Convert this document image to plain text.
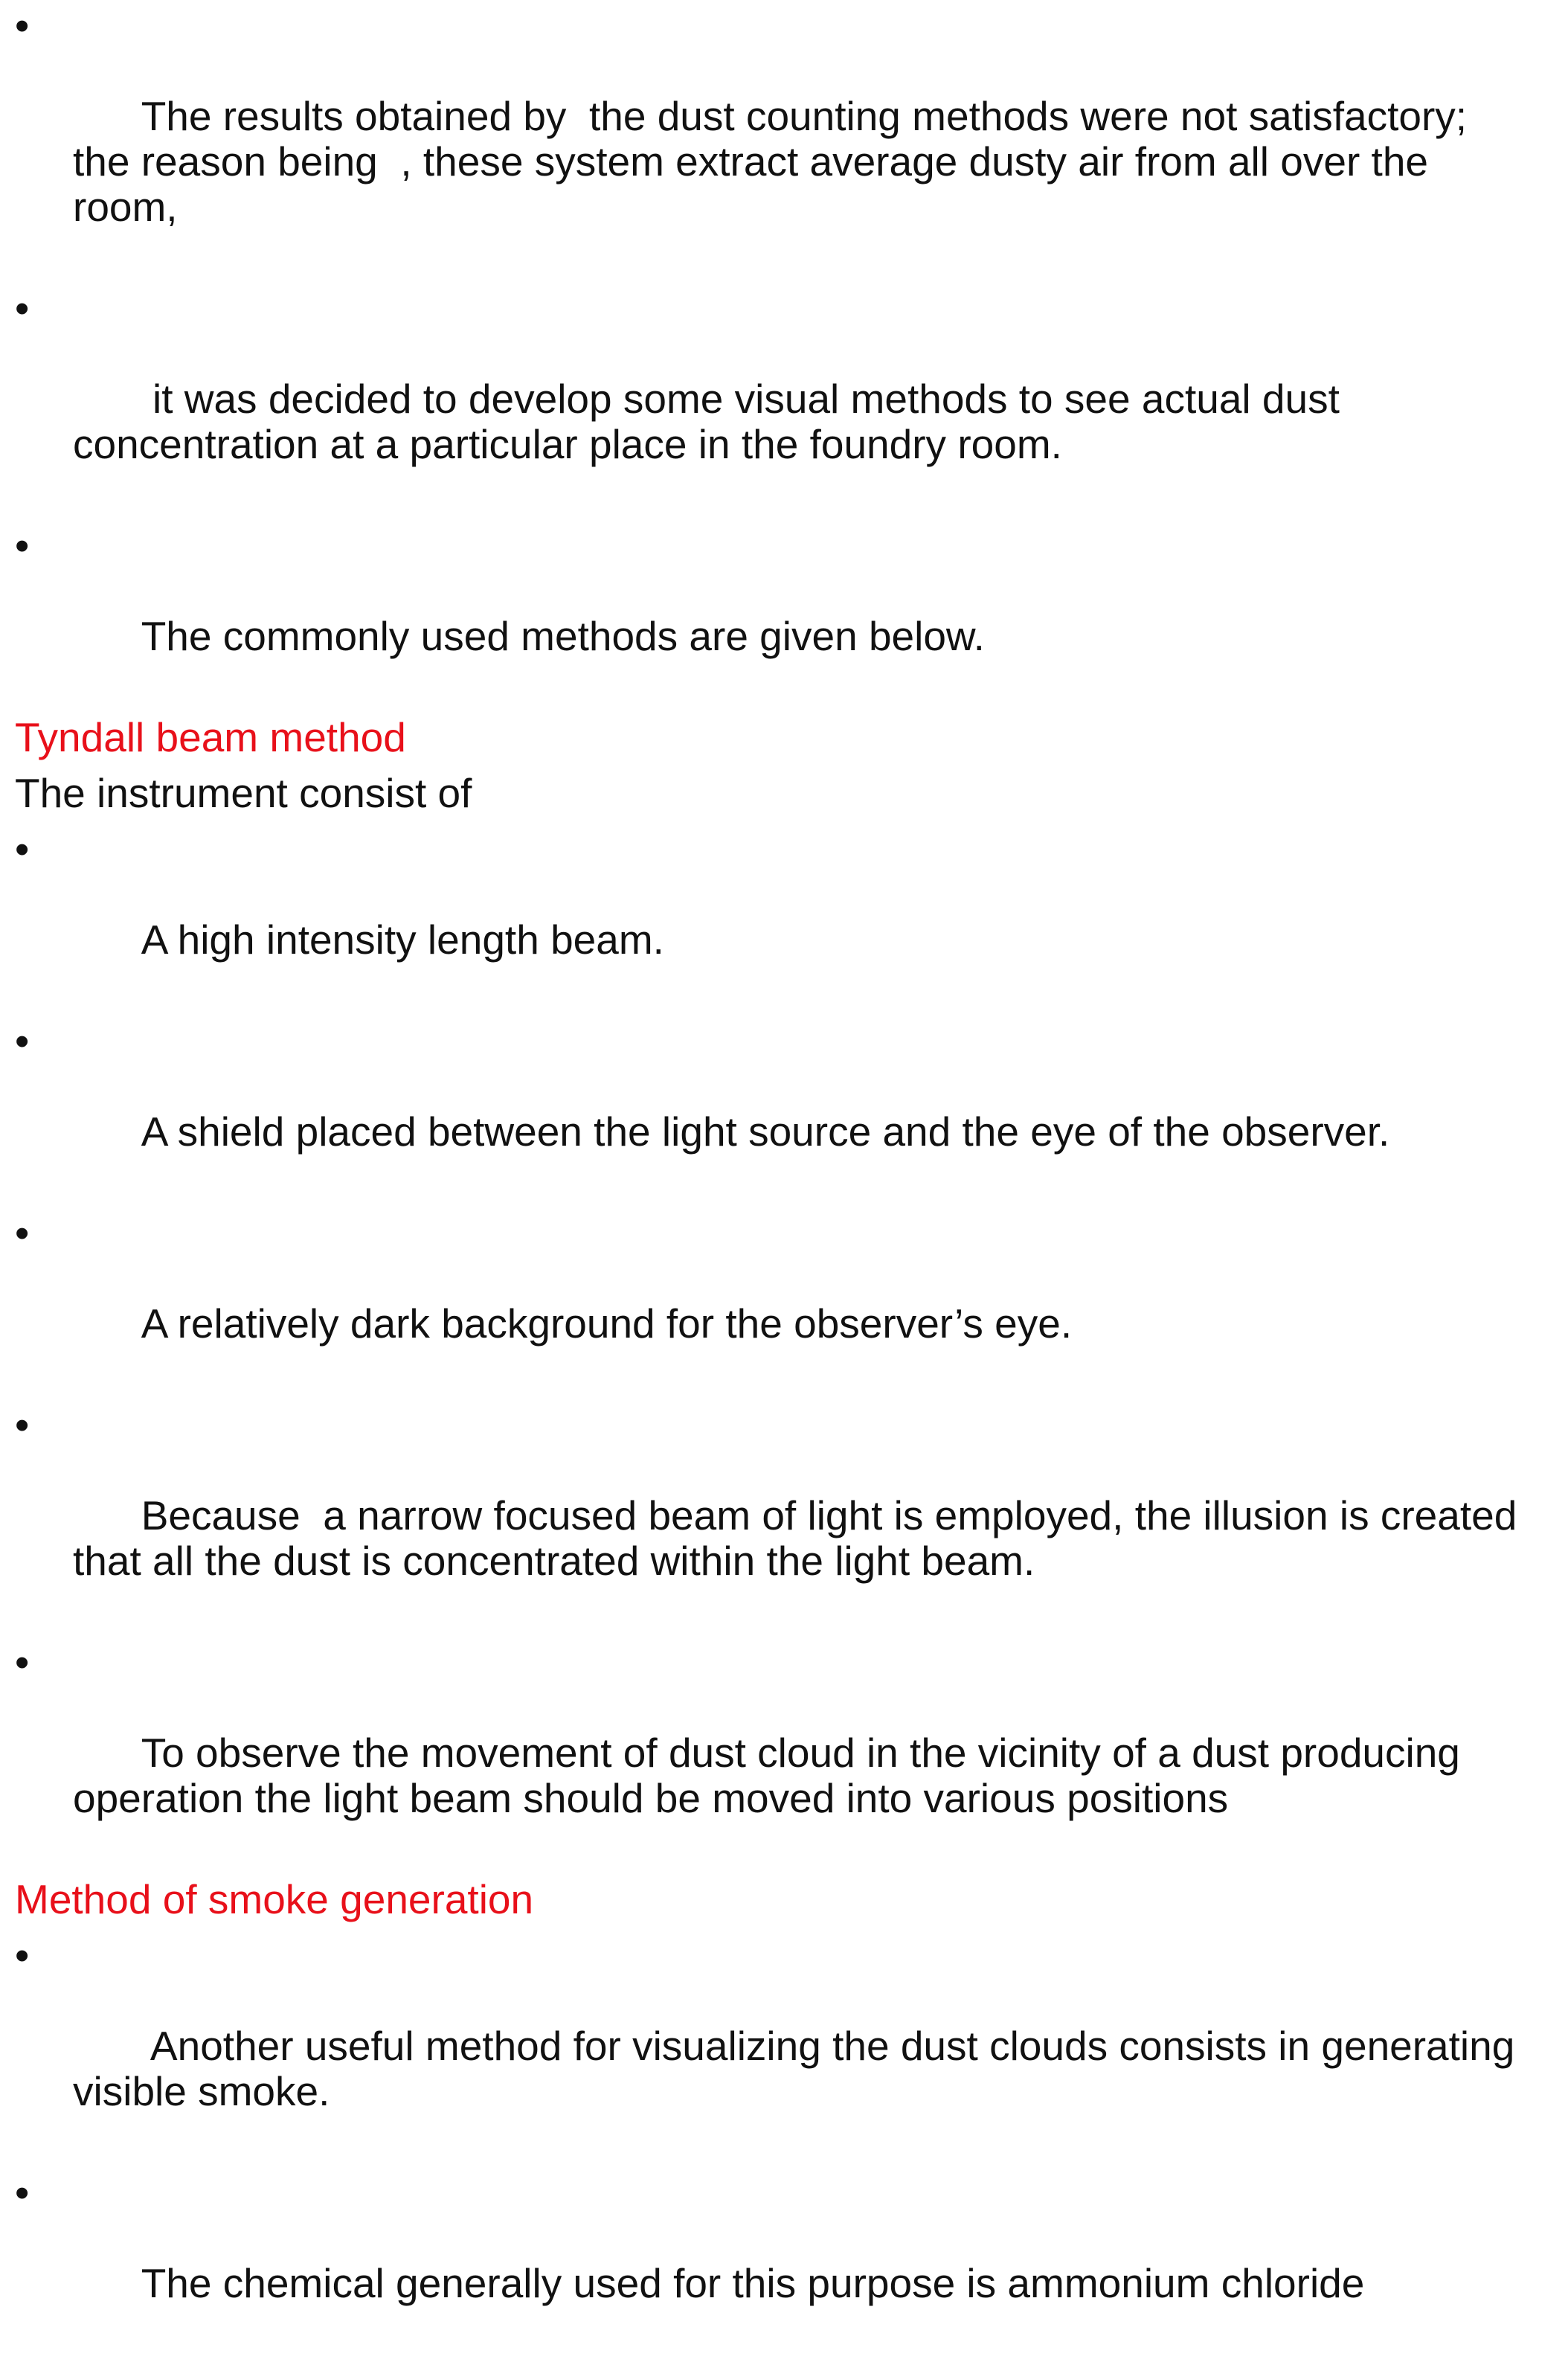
•

The results obtained by  the dust counting methods were not satisfactory; the reason being  , these system extract average dusty air from all over the room,

•

it was decided to develop some visual methods to see actual dust concentration at a particular place in the foundry room.

•

The commonly used methods are given below.

Tyndall beam method
The instrument consist of

•

A high intensity length beam.

•

A shield placed between the light source and the eye of the observer.

•

A relatively dark background for the observer’s eye.

•

Because  a narrow focused beam of light is employed, the illusion is created that all the dust is concentrated within the light beam.

•

To observe the movement of dust cloud in the vicinity of a dust producing operation the light beam should be moved into various positions

Method of smoke generation

•

Another useful method for visualizing the dust clouds consists in generating visible smoke.

•

The chemical generally used for this purpose is ammonium chloride
